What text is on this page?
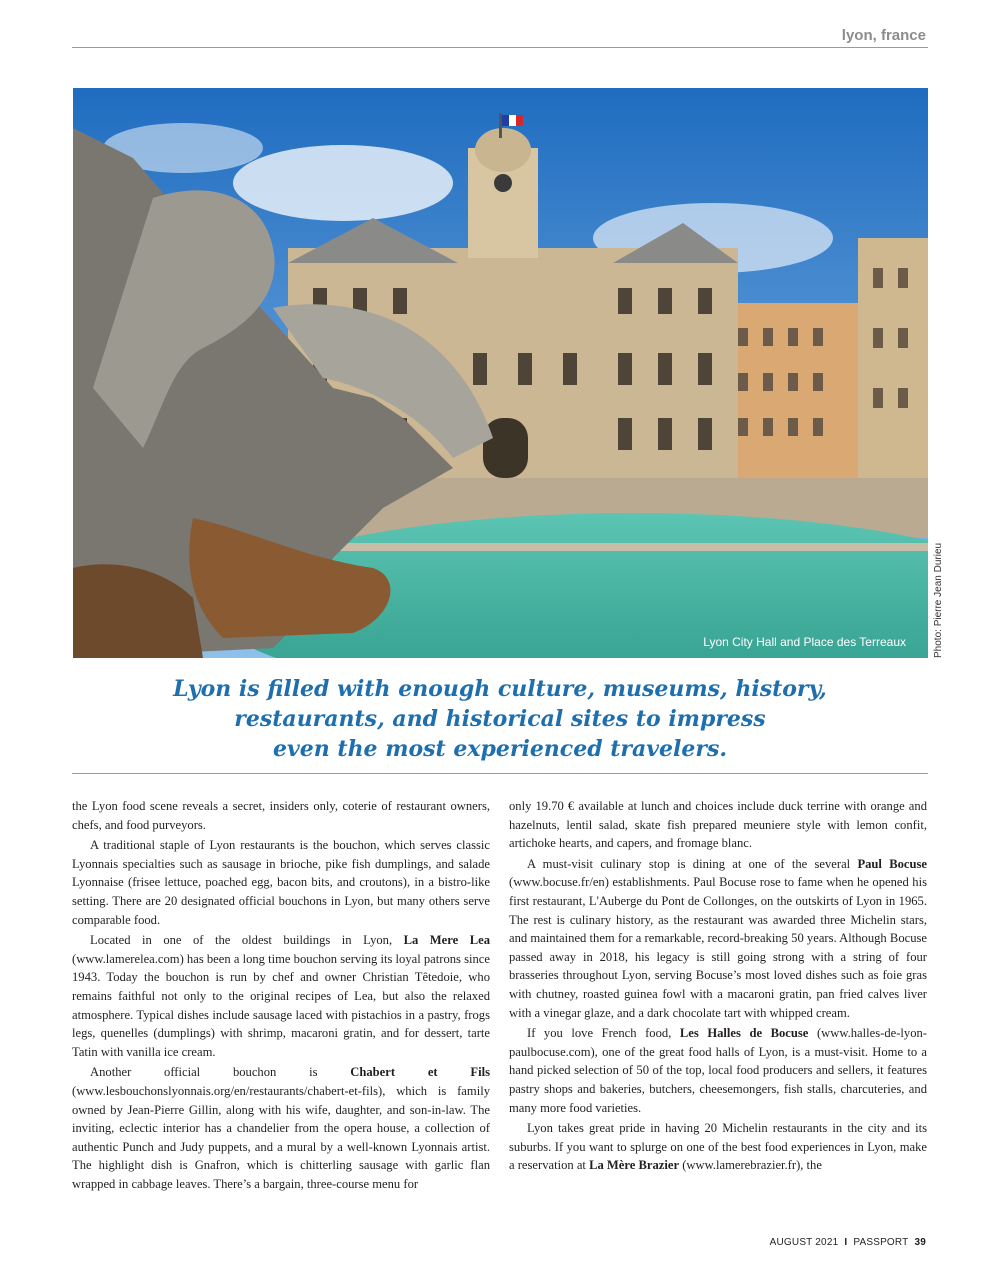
lyon, france
Lyon City Hall and Place des Terreaux	Photo: Pierre Jean Durieu
Lyon is filled with enough culture, museums, history,
restaurants, and historical sites to impress
even the most experienced travelers.

the Lyon food scene reveals a secret, insiders only, coterie of restaurant owners, chefs, and food purveyors.

A traditional staple of Lyon restaurants is the bouchon, which serves classic Lyonnais specialties such as sausage in brioche, pike fish dumplings, and salade Lyonnaise (frisee lettuce, poached egg, bacon bits, and croutons), in a bistro-like setting. There are 20 designated official bouchons in Lyon, but many others serve comparable food.

Located in one of the oldest buildings in Lyon, La Mere Lea (www.lamerelea.com) has been a long time bouchon serving its loyal patrons since 1943. Today the bouchon is run by chef and owner Christian Têtedoie, who remains faithful not only to the original recipes of Lea, but also the relaxed atmosphere. Typical dishes include sausage laced with pistachios in a pastry, frogs legs, quenelles (dumplings) with shrimp, macaroni gratin, and for dessert, tarte Tatin with vanilla ice cream.

Another official bouchon is Chabert et Fils (www.lesbouchonslyonnais.org/en/restaurants/chabert-et-fils), which is family owned by Jean-Pierre Gillin, along with his wife, daughter, and son-in-law. The inviting, eclectic interior has a chandelier from the opera house, a collection of authentic Punch and Judy puppets, and a mural by a well-known Lyonnais artist. The highlight dish is Gnafron, which is chitterling sausage with garlic flan wrapped in cabbage leaves. There’s a bargain, three-course menu for

only 19.70 € available at lunch and choices include duck terrine with orange and hazelnuts, lentil salad, skate fish prepared meuniere style with lemon confit, artichoke hearts, and capers, and fromage blanc.

A must-visit culinary stop is dining at one of the several Paul Bocuse (www.bocuse.fr/en) establishments. Paul Bocuse rose to fame when he opened his first restaurant, L'Auberge du Pont de Collonges, on the outskirts of Lyon in 1965. The rest is culinary history, as the restaurant was awarded three Michelin stars, and maintained them for a remarkable, record-breaking 50 years. Although Bocuse passed away in 2018, his legacy is still going strong with a string of four brasseries throughout Lyon, serving Bocuse’s most loved dishes such as foie gras with chutney, roasted guinea fowl with a macaroni gratin, pan fried calves liver with a vinegar glaze, and a dark chocolate tart with whipped cream.

If you love French food, Les Halles de Bocuse (www.halles-de-lyon-paulbocuse.com), one of the great food halls of Lyon, is a must-visit. Home to a hand picked selection of 50 of the top, local food producers and sellers, it features pastry shops and bakeries, butchers, cheesemongers, fish stalls, charcuteries, and many more food varieties.

Lyon takes great pride in having 20 Michelin restaurants in the city and its suburbs. If you want to splurge on one of the best food experiences in Lyon, make a reservation at La Mère Brazier (www.lamerebrazier.fr), the

AUGUST 2021 I PASSPORT 39
